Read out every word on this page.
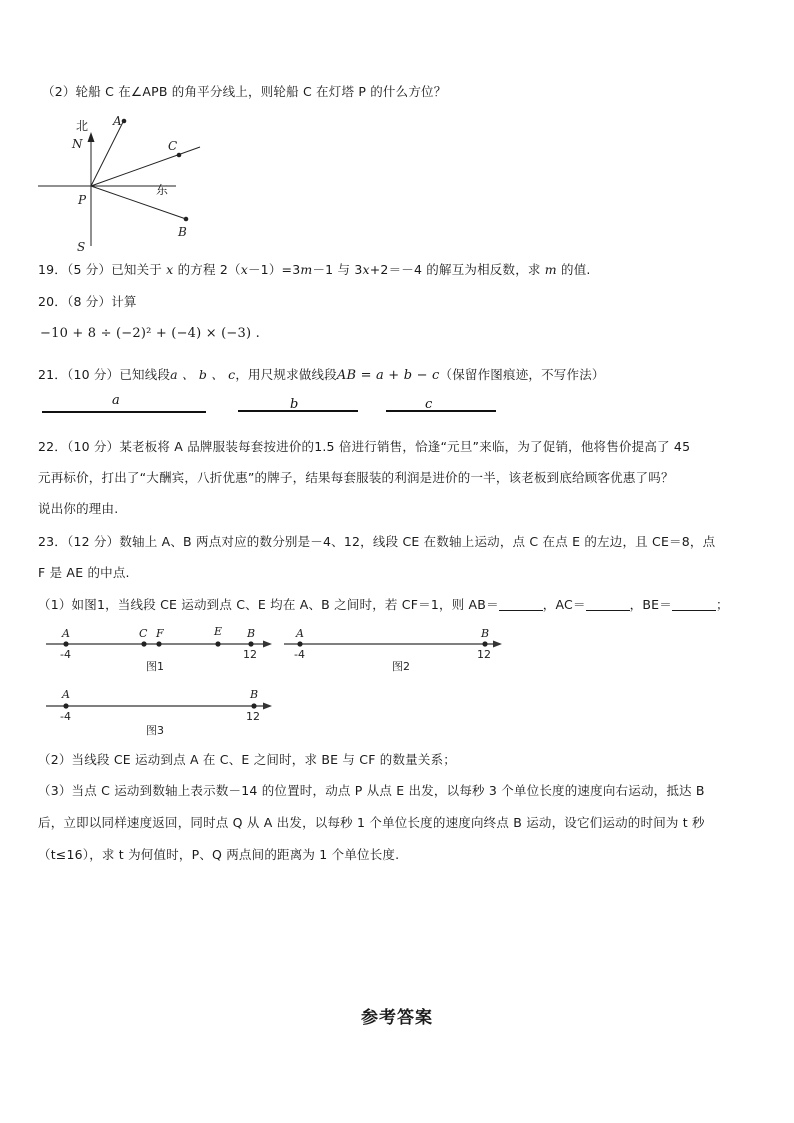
（2）轮船 C 在∠APB 的角平分线上，则轮船 C 在灯塔 P 的什么方位？
北
N
A
C
东
P
B
S
19．（5 分）已知关于 x 的方程 2（x－1）=3m－1 与 3x+2＝－4 的解互为相反数，求 m 的值.
20．（8 分）计算
−10 + 8 ÷ (−2)² + (−4) × (−3) .
21．（10 分）已知线段a 、 b 、 c，用尺规求做线段AB = a + b − c（保留作图痕迹，不写作法）
a	b	c
22．（10 分）某老板将 A 品牌服装每套按进价的1.5 倍进行销售，恰逢“元旦”来临，为了促销，他将售价提高了 45
元再标价，打出了“大酬宾，八折优惠”的牌子，结果每套服装的利润是进价的一半，该老板到底给顾客优惠了吗？
说出你的理由.
23．（12 分）数轴上 A、B 两点对应的数分别是－4、12，线段 CE 在数轴上运动，点 C 在点 E 的左边，且 CE＝8，点
F 是 AE 的中点.
（1）如图1，当线段 CE 运动到点 C、E 均在 A、B 之间时，若 CF＝1，则 AB＝	，AC＝	，BE＝	；
A	C F	E B
-4	12
图1
A	B
-4	12
图2
A	B
-4	12
图3
（2）当线段 CE 运动到点 A 在 C、E 之间时，求 BE 与 CF 的数量关系；
（3）当点 C 运动到数轴上表示数－14 的位置时，动点 P 从点 E 出发，以每秒 3 个单位长度的速度向右运动，抵达 B
后，立即以同样速度返回，同时点 Q 从 A 出发，以每秒 1 个单位长度的速度向终点 B 运动，设它们运动的时间为 t 秒
（t≤16），求 t 为何值时，P、Q 两点间的距离为 1 个单位长度.
参考答案
